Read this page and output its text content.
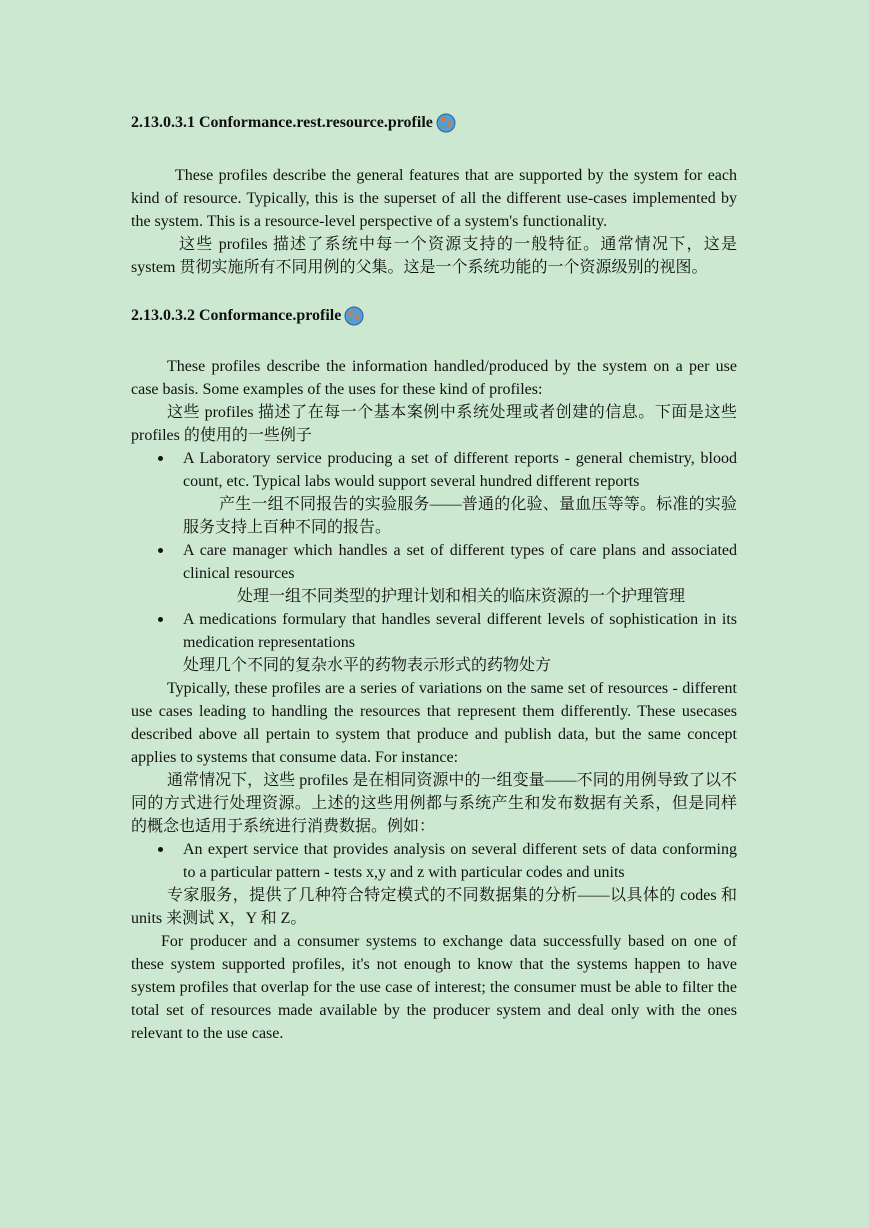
2.13.0.3.1 Conformance.rest.resource.profile

These profiles describe the general features that are supported by the system for each kind of resource. Typically, this is the superset of all the different use-cases implemented by the system. This is a resource-level perspective of a system's functionality.

这些 profiles 描述了系统中每一个资源支持的一般特征。通常情况下，这是 system 贯彻实施所有不同用例的父集。这是一个系统功能的一个资源级别的视图。

2.13.0.3.2 Conformance.profile

These profiles describe the information handled/produced by the system on a per use case basis. Some examples of the uses for these kind of profiles:

这些 profiles 描述了在每一个基本案例中系统处理或者创建的信息。下面是这些 profiles 的使用的一些例子

A Laboratory service producing a set of different reports - general chemistry, blood count, etc. Typical labs would support several hundred different reports

产生一组不同报告的实验服务——普通的化验、量血压等等。标准的实验服务支持上百种不同的报告。

A care manager which handles a set of different types of care plans and associated clinical resources

处理一组不同类型的护理计划和相关的临床资源的一个护理管理

A medications formulary that handles several different levels of sophistication in its medication representations

处理几个不同的复杂水平的药物表示形式的药物处方

Typically, these profiles are a series of variations on the same set of resources - different use cases leading to handling the resources that represent them differently. These usecases described above all pertain to system that produce and publish data, but the same concept applies to systems that consume data. For instance:

通常情况下，这些 profiles 是在相同资源中的一组变量——不同的用例导致了以不同的方式进行处理资源。上述的这些用例都与系统产生和发布数据有关系，但是同样的概念也适用于系统进行消费数据。例如：

An expert service that provides analysis on several different sets of data conforming to a particular pattern - tests x,y and z with particular codes and units

专家服务，提供了几种符合特定模式的不同数据集的分析——以具体的 codes 和 units 来测试 X，Y 和 Z。

For producer and a consumer systems to exchange data successfully based on one of these system supported profiles, it's not enough to know that the systems happen to have system profiles that overlap for the use case of interest; the consumer must be able to filter the total set of resources made available by the producer system and deal only with the ones relevant to the use case.
